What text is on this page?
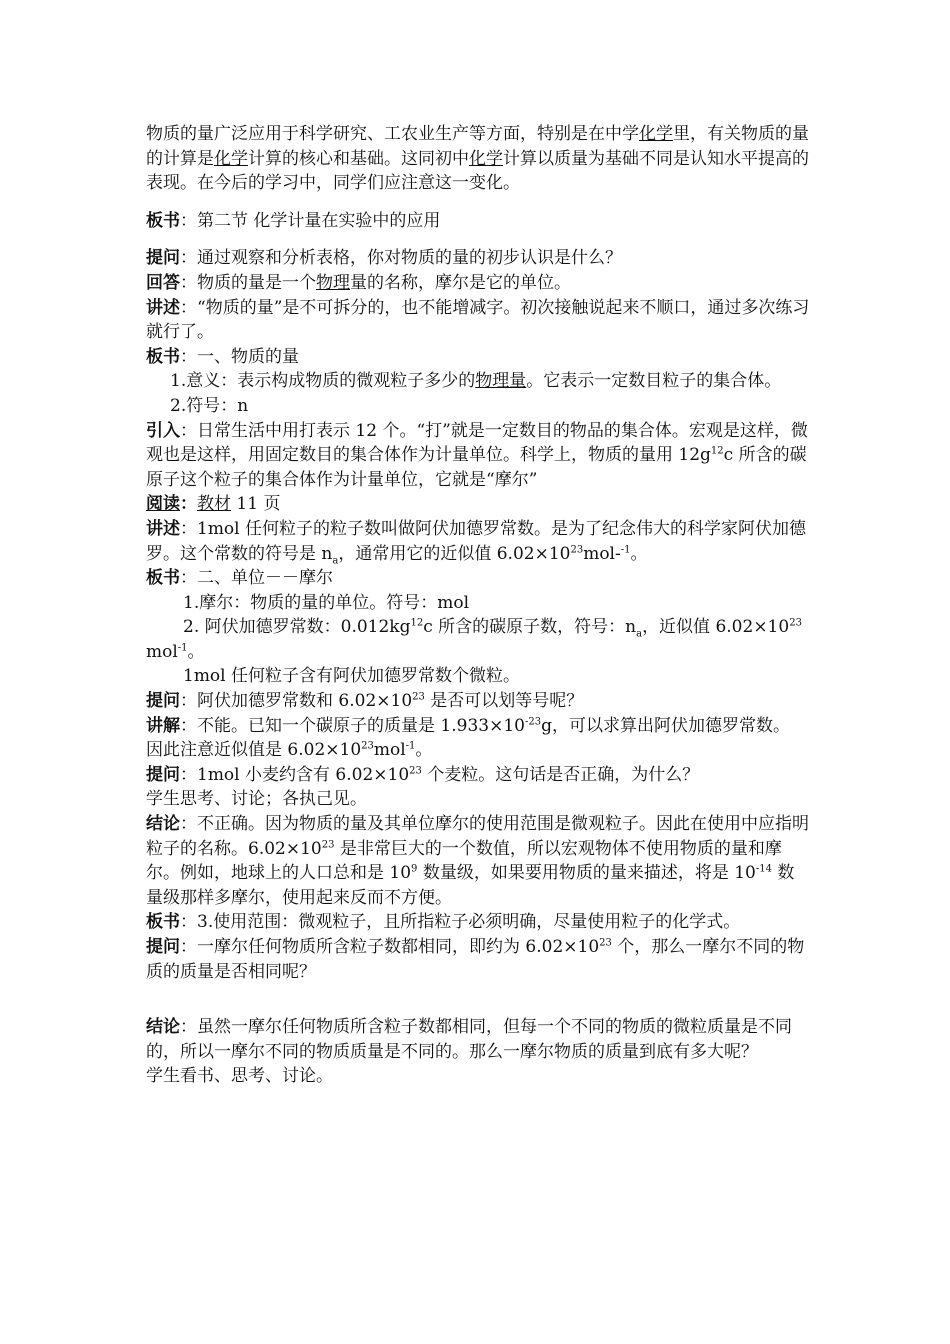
物质的量广泛应用于科学研究、工农业生产等方面，特别是在中学化学里，有关物质的量的计算是化学计算的核心和基础。这同初中化学计算以质量为基础不同是认知水平提高的表现。在今后的学习中，同学们应注意这一变化。

板书：第二节 化学计量在实验中的应用

提问：通过观察和分析表格，你对物质的量的初步认识是什么？

回答：物质的量是一个物理量的名称，摩尔是它的单位。

讲述：“物质的量”是不可拆分的，也不能增减字。初次接触说起来不顺口，通过多次练习就行了。

板书：一、物质的量

1.意义：表示构成物质的微观粒子多少的物理量。它表示一定数目粒子的集合体。

2.符号：n

引入：日常生活中用打表示 12 个。“打”就是一定数目的物品的集合体。宏观是这样，微观也是这样，用固定数目的集合体作为计量单位。科学上，物质的量用 $12g^{12}c$ 所含的碳原子这个粒子的集合体作为计量单位，它就是“摩尔”

阅读：教材 11 页

讲述：1mol 任何粒子的粒子数叫做阿伏加德罗常数。是为了纪念伟大的科学家阿伏加德罗。这个常数的符号是 $n_a$，通常用它的近似值 $6.02\times 10^{23}mol-^{-1}$。

板书：二、单位－－摩尔

1.摩尔：物质的量的单位。符号：mol

2. 阿伏加德罗常数：$0.012kg^{12}c$ 所含的碳原子数，符号：$n_a$，近似值 $6.02\times 10^{23}mol^{-1}$。

1mol 任何粒子含有阿伏加德罗常数个微粒。

提问：阿伏加德罗常数和 $6.02\times 10^{23}$ 是否可以划等号呢？

讲解：不能。已知一个碳原子的质量是 $1.933\times 10^{-23}g$，可以求算出阿伏加德罗常数。

因此注意近似值是 $6.02\times 10^{23}mol^{-1}$。

提问：1mol 小麦约含有 $6.02\times 10^{23}$ 个麦粒。这句话是否正确，为什么？

学生思考、讨论；各执己见。

结论：不正确。因为物质的量及其单位摩尔的使用范围是微观粒子。因此在使用中应指明粒子的名称。$6.02\times 10^{23}$ 是非常巨大的一个数值，所以宏观物体不使用物质的量和摩尔。例如，地球上的人口总和是 $10^9$ 数量级，如果要用物质的量来描述，将是 $10^{-14}$ 数量级那样多摩尔，使用起来反而不方便。

板书：3.使用范围：微观粒子，且所指粒子必须明确，尽量使用粒子的化学式。

提问：一摩尔任何物质所含粒子数都相同，即约为 $6.02\times 10^{23}$ 个，那么一摩尔不同的物质的质量是否相同呢？

结论：虽然一摩尔任何物质所含粒子数都相同，但每一个不同的物质的微粒质量是不同的，所以一摩尔不同的物质质量是不同的。那么一摩尔物质的质量到底有多大呢？

学生看书、思考、讨论。
